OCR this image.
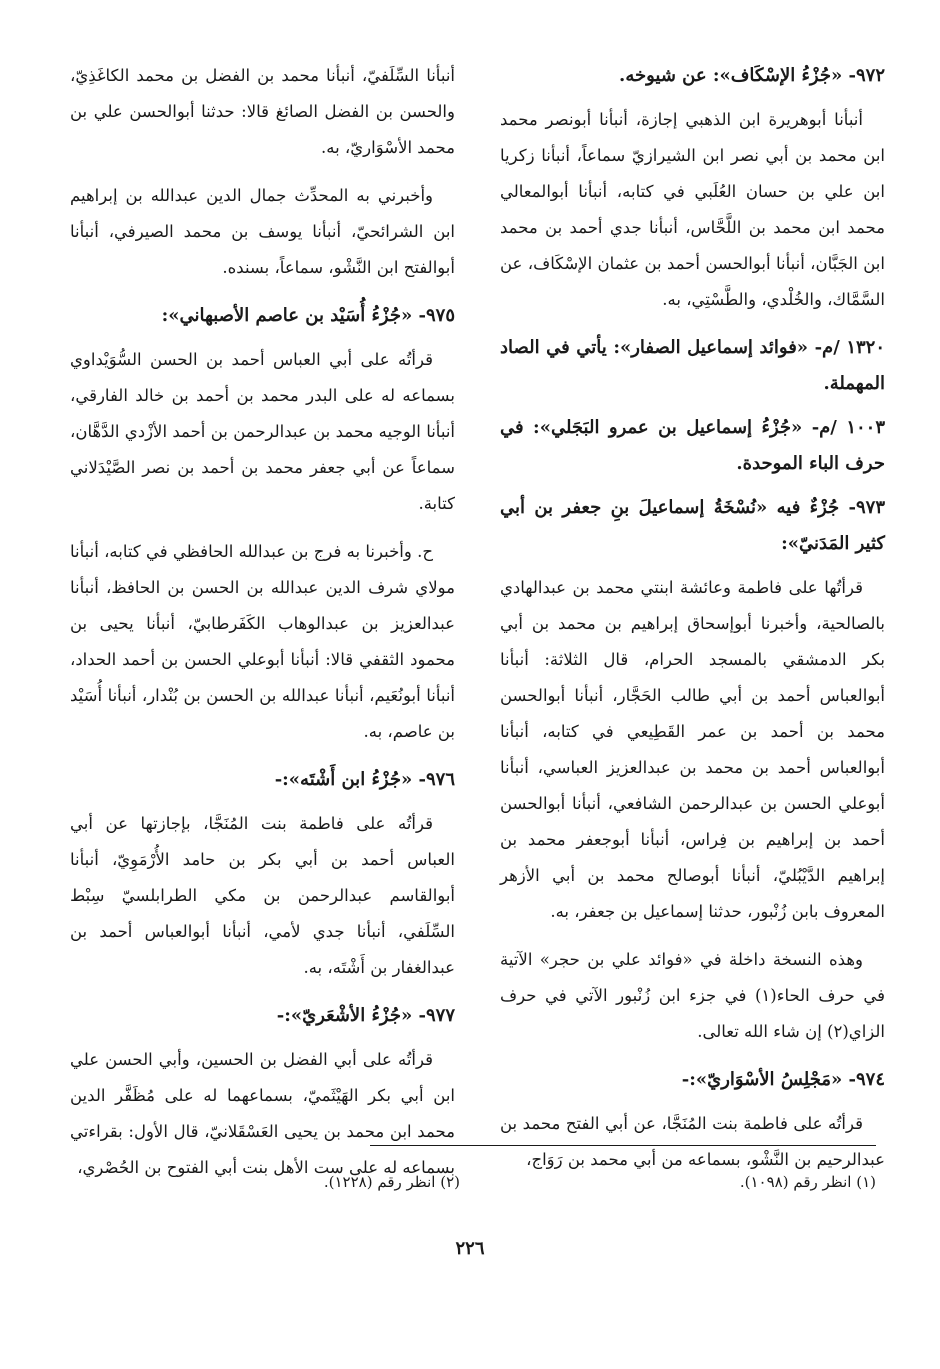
٩٧٢- «جُزْءُ الإسْكَاف»: عن شيوخه.

أنبأنا أبوهريرة ابن الذهبي إجازة، أنبأنا أبونصر محمد ابن محمد بن أبي نصر ابن الشيرازيّ سماعاً، أنبأنا زكريا ابن علي بن حسان العُلَبي في كتابه، أنبأنا أبوالمعالي محمد ابن محمد بن اللَّحَّاس، أنبأنا جدي أحمد بن محمد ابن الجَبَّان، أنبأنا أبوالحسن أحمد بن عثمان الإسْكَاف، عن السَّمَّاك، والخُلْدي، والطَّسْتِي، به.

١٣٢٠ /م- «فوائد إسماعيل الصفار»: يأتي في الصاد المهملة.
١٠٠٣ /م- «جُزْءُ إسماعيل بن عمرو البَجَلي»: في حرف الباء الموحدة.
٩٧٣- جُزْءٌ فيه «نُسْخَةُ إسماعيلَ بنِ جعفر بن أبي كثير المَدَنيّ»:

قرأتُها على فاطمة وعائشة ابنتي محمد بن عبدالهادي بالصالحية، وأخبرنا أبوإسحاق إبراهيم بن محمد بن أبي بكر الدمشقي بالمسجد الحرام، قال الثلاثة: أنبأنا أبوالعباس أحمد بن أبي طالب الحَجَّار، أنبأنا أبوالحسن محمد بن أحمد بن عمر القَطِيعي في كتابه، أنبأنا أبوالعباس أحمد بن محمد بن عبدالعزيز العباسي، أنبأنا أبوعلي الحسن بن عبدالرحمن الشافعي، أنبأنا أبوالحسن أحمد بن إبراهيم بن فِراس، أنبأنا أبوجعفر محمد بن إبراهيم الدَّيْبُليّ، أنبأنا أبوصالح محمد بن أبي الأزهر المعروف بابن زُنْبور، حدثنا إسماعيل بن جعفر، به.

وهذه النسخة داخلة في «فوائد علي بن حجر» الآتية في حرف الحاء(١) في جزء ابن زُنْبور الآتي في حرف الزاي(٢) إن شاء الله تعالى.

٩٧٤- «مَجْلِسُ الأسْوَاريّ»:-

قرأتُه على فاطمة بنت المُنَجَّا، عن أبي الفتح محمد بن عبدالرحيم بن النَّشْو، بسماعه من أبي محمد بن رَوَاج،

أنبأنا السِّلَفيّ، أنبأنا محمد بن الفضل بن محمد الكاغَذِيّ، والحسن بن الفضل الصائغ قالا: حدثنا أبوالحسن علي بن محمد الأسْوَاريّ، به.

وأخبرني به المحدِّث جمال الدين عبدالله بن إبراهيم ابن الشرائحيّ، أنبأنا يوسف بن محمد الصيرفي، أنبأنا أبوالفتح ابن النَّشْو، سماعاً، بسنده.

٩٧٥- «جُزْءُ أُسَيْد بن عاصم الأصبهاني»:

قرأتُه على أبي العباس أحمد بن الحسن السُّوَيْداوي بسماعه له على البدر محمد بن أحمد بن خالد الفارقي، أنبأنا الوجيه محمد بن عبدالرحمن بن أحمد الأزْدي الدَّهَّان، سماعاً عن أبي جعفر محمد بن أحمد بن نصر الصَّيْدَلاني كتابة.

ح. وأخبرنا به فرج بن عبدالله الحافظي في كتابه، أنبأنا مولاي شرف الدين عبدالله بن الحسن بن الحافظ، أنبأنا عبدالعزيز بن عبدالوهاب الكَفَرطابيّ، أنبأنا يحيى بن محمود الثقفي قالا: أنبأنا أبوعلي الحسن بن أحمد الحداد، أنبأنا أبونُعَيم، أنبأنا عبدالله بن الحسن بن بُنْدار، أنبأنا أُسَيْد بن عاصم، به.

٩٧٦- «جُزْءُ ابن أَشْتَه»:-

قرأتُه على فاطمة بنت المُنَجَّا، بإجازتها عن أبي العباس أحمد بن أبي بكر بن حامد الأُرْمَوِيّ، أنبأنا أبوالقاسم عبدالرحمن بن مكي الطرابلسيّ سِبْط السِّلَفي، أنبأنا جدي لأمي، أنبأنا أبوالعباس أحمد بن عبدالغفار بن أَشْتَه، به.

٩٧٧- «جُزْءُ الأشْعَريّ»:-

قرأتُه على أبي الفضل بن الحسين، وأبي الحسن علي ابن أبي بكر الهَيْثَميّ، بسماعهما له على مُظَفَّر الدين محمد ابن محمد بن يحيى العَسْقَلانيّ، قال الأول: بقراءتي بسماعه له على ست الأهل بنت أبي الفتوح بن الحُصْري،

(١) انظر رقم (١٠٩٨).
(٢) انظر رقم (١٢٢٨).
٢٢٦
